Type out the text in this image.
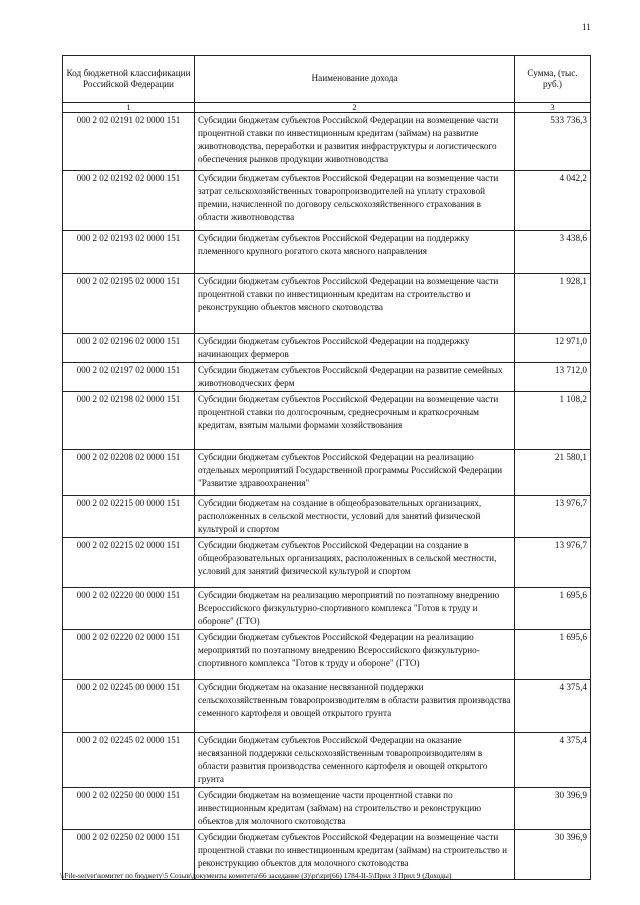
11
Код бюджетной классификации Российской Федерации	Наименование дохода	Сумма, (тыс. руб.)
1	2	3
000 2 02 02191 02 0000 151	Субсидии бюджетам субъектов Российской Федерации на возмещение части процентной ставки по инвестиционным кредитам (займам) на развитие животноводства, переработки и развития инфраструктуры и логистического обеспечения рынков продукции животноводства	533 736,3
000 2 02 02192 02 0000 151	Субсидии бюджетам субъектов Российской Федерации на возмещение части затрат сельскохозяйственных товаропроизводителей на уплату страховой премии, начисленной по договору сельскохозяйственного страхования в области животноводства	4 042,2
000 2 02 02193 02 0000 151	Субсидии бюджетам субъектов Российской Федерации на поддержку племенного крупного рогатого скота мясного направления	3 438,6
000 2 02 02195 02 0000 151	Субсидии бюджетам субъектов Российской Федерации на возмещение части процентной ставки по инвестиционным кредитам на строительство и реконструкцию объектов мясного скотоводства	1 928,1
000 2 02 02196 02 0000 151	Субсидии бюджетам субъектов Российской Федерации на поддержку начинающих фермеров	12 971,0
000 2 02 02197 02 0000 151	Субсидии бюджетам субъектов Российской Федерации на развитие семейных животноводческих ферм	13 712,0
000 2 02 02198 02 0000 151	Субсидии бюджетам субъектов Российской Федерации на возмещение части процентной ставки по долгосрочным, среднесрочным и краткосрочным кредитам, взятым малыми формами хозяйствования	1 108,2
000 2 02 02208 02 0000 151	Субсидии бюджетам субъектов Российской Федерации на реализацию отдельных мероприятий Государственной программы Российской Федерации "Развитие здравоохранения"	21 580,1
000 2 02 02215 00 0000 151	Субсидии бюджетам на создание в общеобразовательных организациях, расположенных в сельской местности, условий для занятий физической культурой и спортом	13 976,7
000 2 02 02215 02 0000 151	Субсидии бюджетам субъектов Российской Федерации на создание в общеобразовательных организациях, расположенных в сельской местности, условий для занятий физической культурой и спортом	13 976,7
000 2 02 02220 00 0000 151	Субсидии бюджетам на реализацию мероприятий по поэтапному внедрению Всероссийского физкультурно-спортивного комплекса "Готов к труду и обороне" (ГТО)	1 695,6
000 2 02 02220 02 0000 151	Субсидии бюджетам субъектов Российской Федерации на реализацию мероприятий по поэтапному внедрению Всероссийского физкультурно-спортивного комплекса "Готов к труду и обороне" (ГТО)	1 695,6
000 2 02 02245 00 0000 151	Субсидии бюджетам на оказание несвязанной поддержки сельскохозяйственным товаропроизводителям в области развития производства семенного картофеля и овощей открытого грунта	4 375,4
000 2 02 02245 02 0000 151	Субсидии бюджетам субъектов Российской Федерации на оказание несвязанной поддержки сельскохозяйственным товаропроизводителям в области развития производства семенного картофеля и овощей открытого грунта	4 375,4
000 2 02 02250 00 0000 151	Субсидии бюджетам на возмещение части процентной ставки по инвестиционным кредитам (займам) на строительство и реконструкцию объектов для молочного скотоводства	30 396,9
000 2 02 02250 02 0000 151	Субсидии бюджетам субъектов Российской Федерации на возмещение части процентной ставки по инвестиционным кредитам (займам) на строительство и реконструкцию объектов для молочного скотоводства	30 396,9
\\File-server\комитет по бюджету\5 Созыв\документы комитета\66 заседание (3)\pr\zpr(66) 1784-II-5\Прил 3 Прил 9 (Доходы)
